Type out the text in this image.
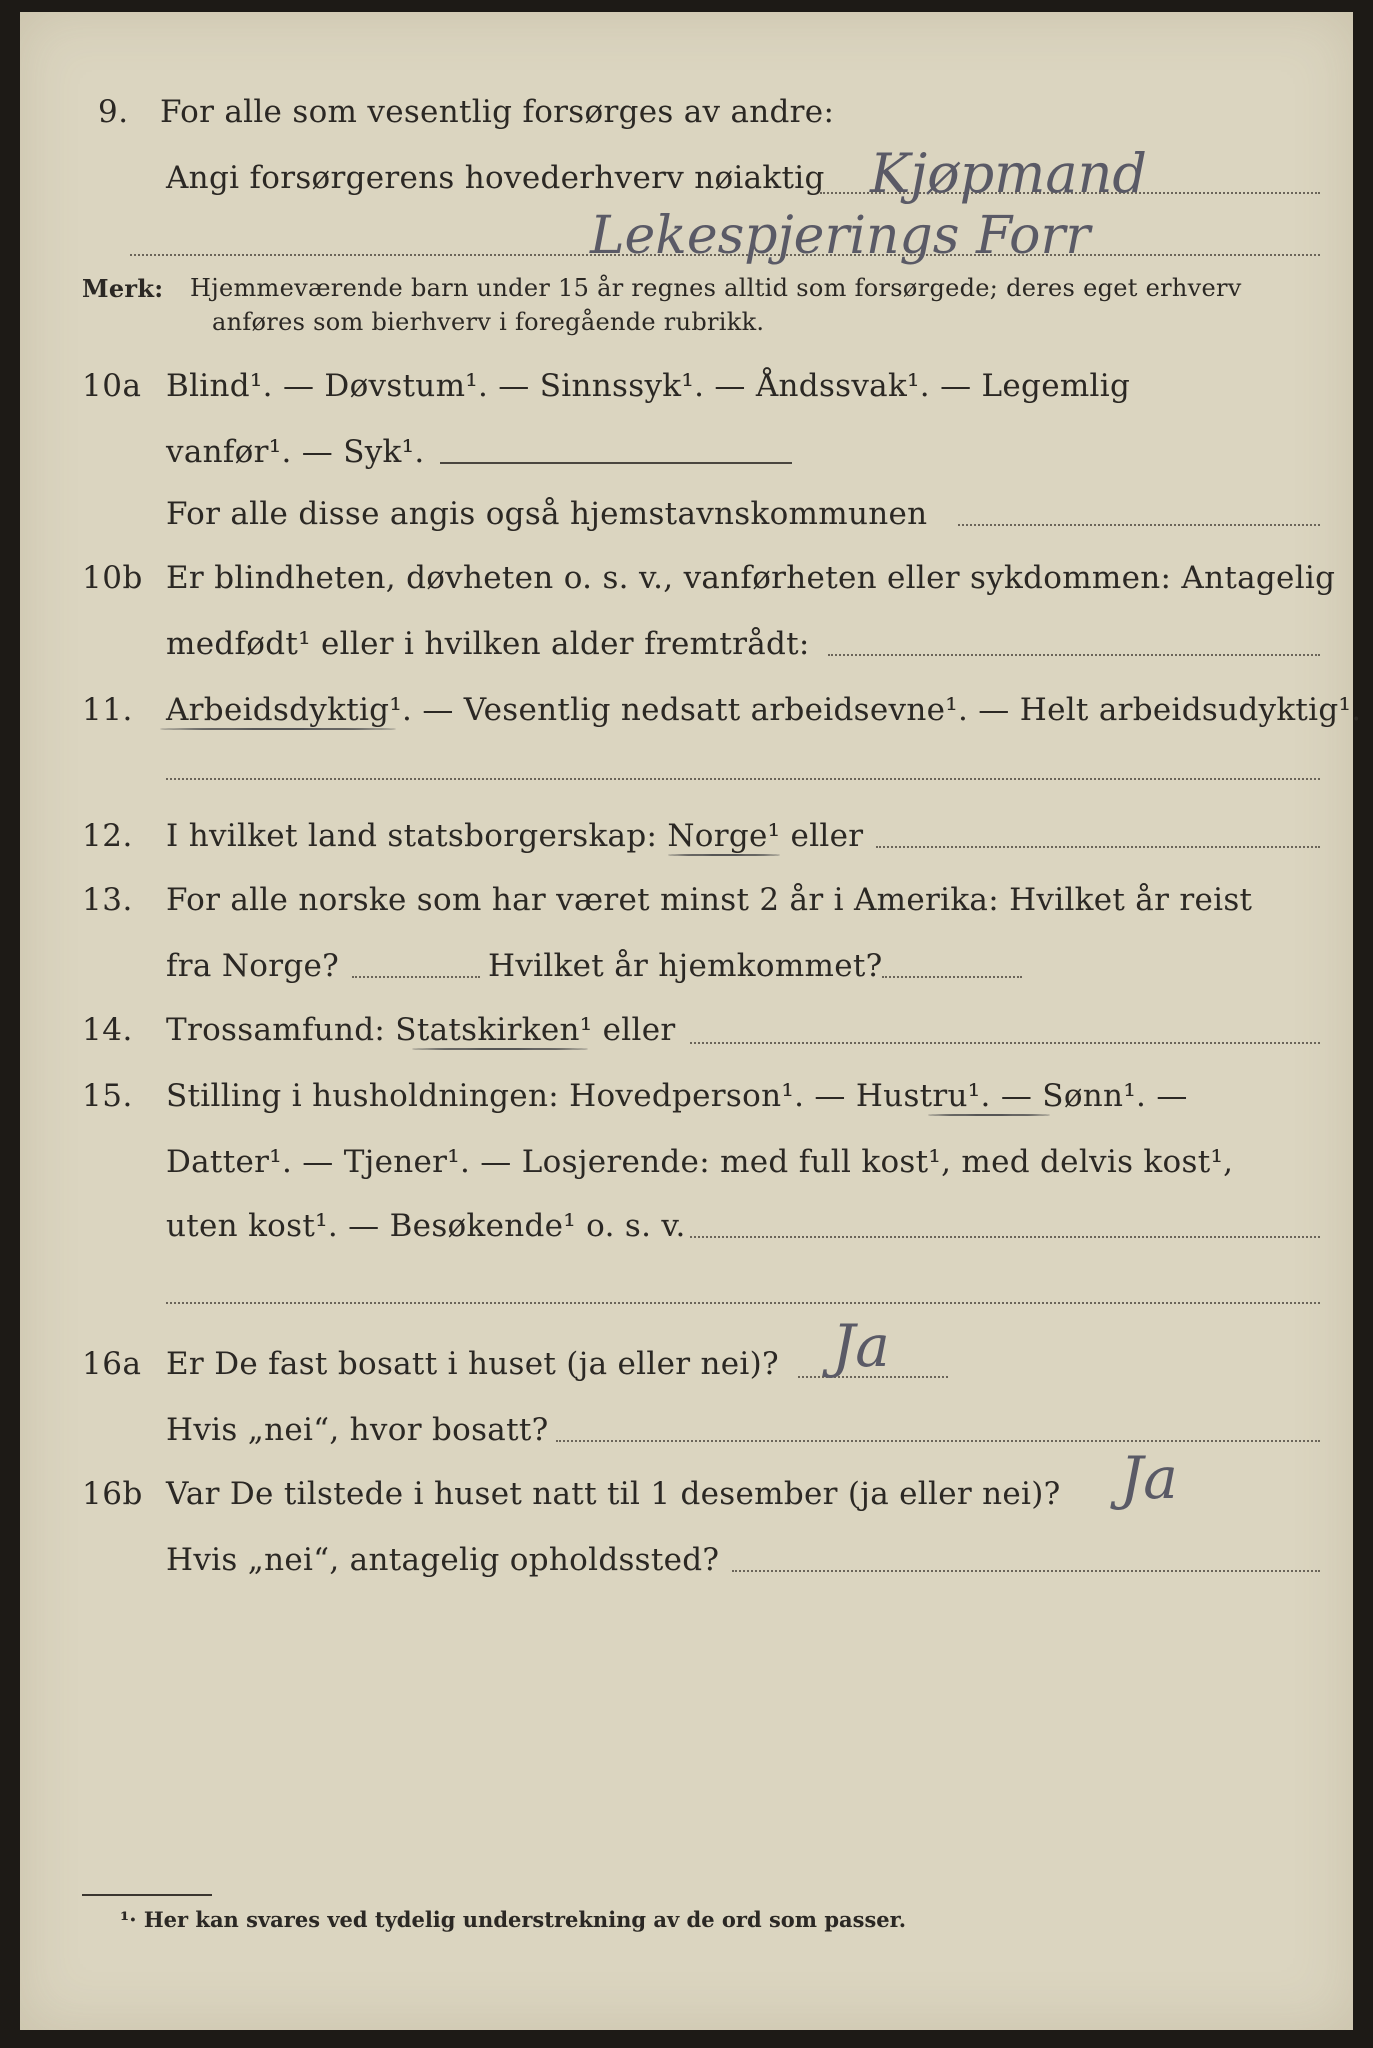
9. For alle som vesentlig forsørges av andre:
Angi forsørgerens hovederhverv nøiaktig Kjøpmand
Lekespjerings Forr
Merk: Hjemmeværende barn under 15 år regnes alltid som forsørgede; deres eget erhverv
anføres som bierhverv i foregående rubrikk.
10a Blind¹. — Døvstum¹. — Sinnssyk¹. — Åndssvak¹. — Legemlig
vanfør¹. — Syk¹.
For alle disse angis også hjemstavnskommunen
10b Er blindheten, døvheten o. s. v., vanførheten eller sykdommen: Antagelig
medfødt¹ eller i hvilken alder fremtrådt:
11. Arbeidsdyktig¹. — Vesentlig nedsatt arbeidsevne¹. — Helt arbeidsudyktig¹.
12. I hvilket land statsborgerskap: Norge¹ eller
13. For alle norske som har været minst 2 år i Amerika: Hvilket år reist
fra Norge?	Hvilket år hjemkommet?
14. Trossamfund: Statskirken¹ eller
15. Stilling i husholdningen: Hovedperson¹. — Hustru¹. — Sønn¹. —
Datter¹. — Tjener¹. — Losjerende: med full kost¹, med delvis kost¹,
uten kost¹. — Besøkende¹ o. s. v.
16a Er De fast bosatt i huset (ja eller nei)? Ja
Hvis „nei“, hvor bosatt?
16b Var De tilstede i huset natt til 1 desember (ja eller nei)? Ja
Hvis „nei“, antagelig opholdssted?
¹· Her kan svares ved tydelig understrekning av de ord som passer.
